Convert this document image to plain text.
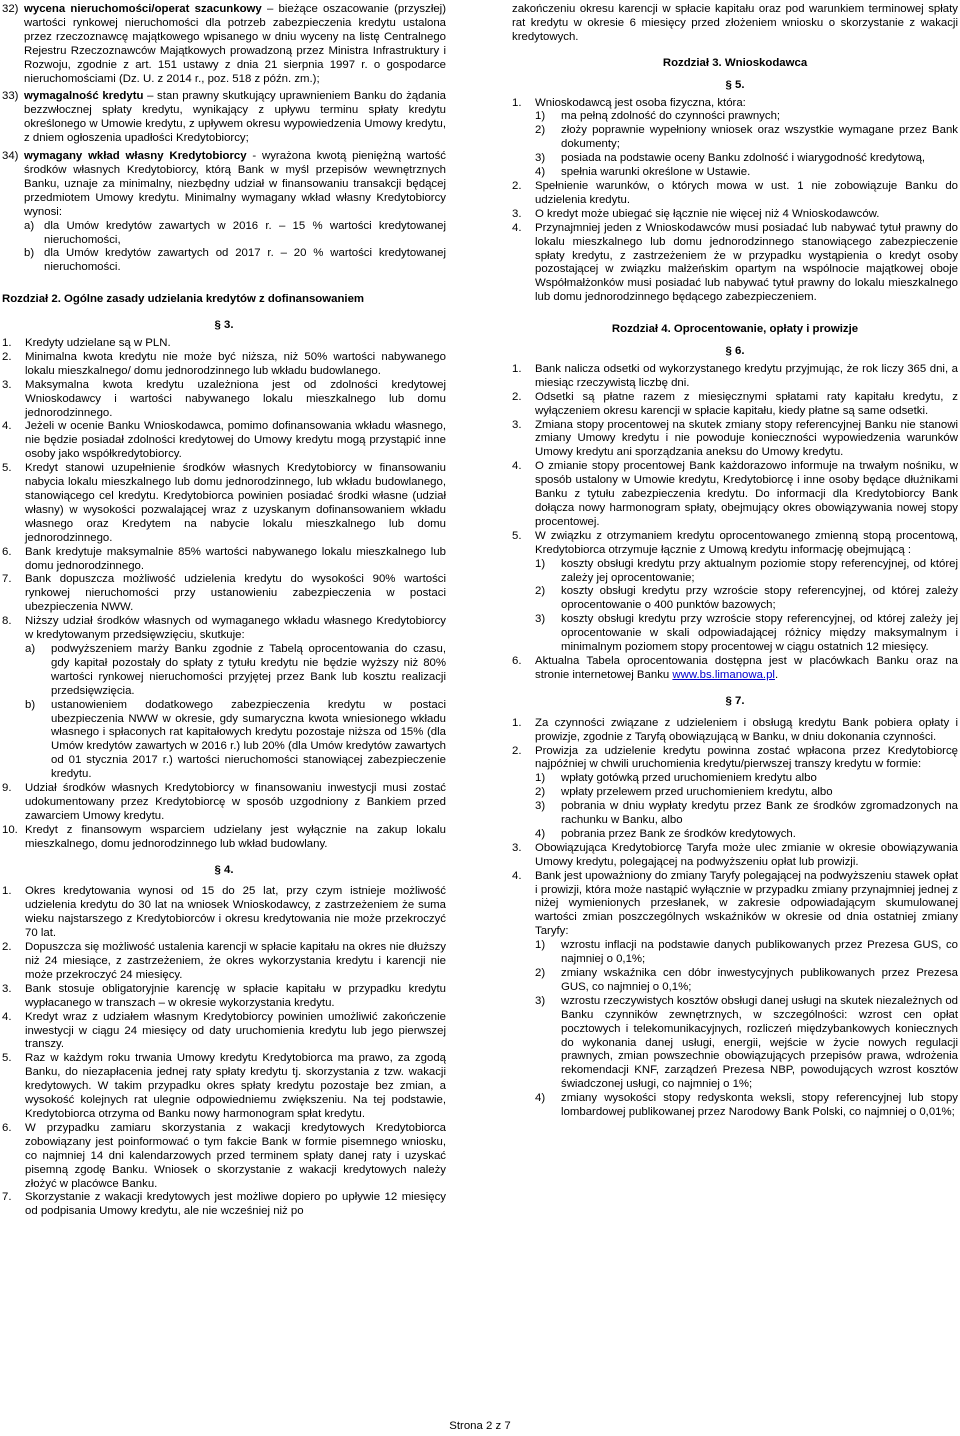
32) wycena nieruchomości/operat szacunkowy – bieżące oszacowanie (przyszłej) wartości rynkowej nieruchomości dla potrzeb zabezpieczenia kredytu ustalona przez rzeczoznawcę majątkowego wpisanego w dniu wyceny na listę Centralnego Rejestru Rzeczoznawców Majątkowych prowadzoną przez Ministra Infrastruktury i Rozwoju, zgodnie z art. 151 ustawy z dnia 21 sierpnia 1997 r. o gospodarce nieruchomościami (Dz. U. z 2014 r., poz. 518 z późn. zm.);
33) wymagalność kredytu – stan prawny skutkujący uprawnieniem Banku do żądania bezzwłocznej spłaty kredytu, wynikający z upływu terminu spłaty kredytu określonego w Umowie kredytu, z upływem okresu wypowiedzenia Umowy kredytu, z dniem ogłoszenia upadłości Kredytobiorcy;
34) wymagany wkład własny Kredytobiorcy - wyrażona kwotą pieniężną wartość środków własnych Kredytobiorcy, którą Bank w myśl przepisów wewnętrznych Banku, uznaje za minimalny, niezbędny udział w finansowaniu transakcji będącej przedmiotem Umowy kredytu. Minimalny wymagany wkład własny Kredytobiorcy wynosi:
a) dla Umów kredytów zawartych w 2016 r. – 15 % wartości kredytowanej nieruchomości,
b) dla Umów kredytów zawartych od 2017 r. – 20 % wartości kredytowanej nieruchomości.

Rozdział 2. Ogólne zasady udzielania kredytów z dofinansowaniem

§ 3.

1. Kredyty udzielane są w PLN.
2. Minimalna kwota kredytu nie może być niższa, niż 50% wartości nabywanego lokalu mieszkalnego/ domu jednorodzinnego lub wkładu budowlanego.
3. Maksymalna kwota kredytu uzależniona jest od zdolności kredytowej Wnioskodawcy i wartości nabywanego lokalu mieszkalnego lub domu jednorodzinnego.
4. Jeżeli w ocenie Banku Wnioskodawca, pomimo dofinansowania wkładu własnego, nie będzie posiadał zdolności kredytowej do Umowy kredytu mogą przystąpić inne osoby jako współkredytobiorcy.
5. Kredyt stanowi uzupełnienie środków własnych Kredytobiorcy w finansowaniu nabycia lokalu mieszkalnego lub domu jednorodzinnego, lub wkładu budowlanego, stanowiącego cel kredytu. Kredytobiorca powinien posiadać środki własne (udział własny) w wysokości pozwalającej wraz z uzyskanym dofinansowaniem wkładu własnego oraz Kredytem na nabycie lokalu mieszkalnego lub domu jednorodzinnego.
6. Bank kredytuje maksymalnie 85% wartości nabywanego lokalu mieszkalnego lub domu jednorodzinnego.
7. Bank dopuszcza możliwość udzielenia kredytu do wysokości 90% wartości rynkowej nieruchomości przy ustanowieniu zabezpieczenia w postaci ubezpieczenia NWW.
8. Niższy udział środków własnych od wymaganego wkładu własnego Kredytobiorcy w kredytowanym przedsięwzięciu, skutkuje:
a) podwyższeniem marży Banku zgodnie z Tabelą oprocentowania do czasu, gdy kapitał pozostały do spłaty z tytułu kredytu nie będzie wyższy niż 80% wartości rynkowej nieruchomości przyjętej przez Bank lub kosztu realizacji przedsięwzięcia.
b) ustanowieniem dodatkowego zabezpieczenia kredytu w postaci ubezpieczenia NWW w okresie, gdy sumaryczna kwota wniesionego wkładu własnego i spłaconych rat kapitałowych kredytu pozostaje niższa od 15% (dla Umów kredytów zawartych w 2016 r.) lub 20% (dla Umów kredytów zawartych od 01 stycznia 2017 r.) wartości nieruchomości stanowiącej zabezpieczenie kredytu.
9. Udział środków własnych Kredytobiorcy w finansowaniu inwestycji musi zostać udokumentowany przez Kredytobiorcę w sposób uzgodniony z Bankiem przed zawarciem Umowy kredytu.
10. Kredyt z finansowym wsparciem udzielany jest wyłącznie na zakup lokalu mieszkalnego, domu jednorodzinnego lub wkład budowlany.

§ 4.

1. Okres kredytowania wynosi od 15 do 25 lat, przy czym istnieje możliwość udzielenia kredytu do 30 lat na wniosek Wnioskodawcy, z zastrzeżeniem że suma wieku najstarszego z Kredytobiorców i okresu kredytowania nie może przekroczyć 70 lat.
2. Dopuszcza się możliwość ustalenia karencji w spłacie kapitału na okres nie dłuższy niż 24 miesiące, z zastrzeżeniem, że okres wykorzystania kredytu i karencji nie może przekroczyć 24 miesięcy.
3. Bank stosuje obligatoryjnie karencję w spłacie kapitału w przypadku kredytu wypłacanego w transzach – w okresie wykorzystania kredytu.
4. Kredyt wraz z udziałem własnym Kredytobiorcy powinien umożliwić zakończenie inwestycji w ciągu 24 miesięcy od daty uruchomienia kredytu lub jego pierwszej transzy.
5. Raz w każdym roku trwania Umowy kredytu Kredytobiorca ma prawo, za zgodą Banku, do niezapłacenia jednej raty spłaty kredytu tj. skorzystania z tzw. wakacji kredytowych. W takim przypadku okres spłaty kredytu pozostaje bez zmian, a wysokość kolejnych rat ulegnie odpowiedniemu zwiększeniu. Na tej podstawie, Kredytobiorca otrzyma od Banku nowy harmonogram spłat kredytu.
6. W przypadku zamiaru skorzystania z wakacji kredytowych Kredytobiorca zobowiązany jest poinformować o tym fakcie Bank w formie pisemnego wniosku, co najmniej 14 dni kalendarzowych przed terminem spłaty danej raty i uzyskać pisemną zgodę Banku. Wniosek o skorzystanie z wakacji kredytowych należy złożyć w placówce Banku.
7. Skorzystanie z wakacji kredytowych jest możliwe dopiero po upływie 12 miesięcy od podpisania Umowy kredytu, ale nie wcześniej niż po

zakończeniu okresu karencji w spłacie kapitału oraz pod warunkiem terminowej spłaty rat kredytu w okresie 6 miesięcy przed złożeniem wniosku o skorzystanie z wakacji kredytowych.

Rozdział 3. Wnioskodawca

§ 5.

1. Wnioskodawcą jest osoba fizyczna, która:
1) ma pełną zdolność do czynności prawnych;
2) złoży poprawnie wypełniony wniosek oraz wszystkie wymagane przez Bank dokumenty;
3) posiada na podstawie oceny Banku zdolność i wiarygodność kredytową,
4) spełnia warunki określone w Ustawie.
2. Spełnienie warunków, o których mowa w ust. 1 nie zobowiązuje Banku do udzielenia kredytu.
3. O kredyt może ubiegać się łącznie nie więcej niż 4 Wnioskodawców.
4. Przynajmniej jeden z Wnioskodawców musi posiadać lub nabywać tytuł prawny do lokalu mieszkalnego lub domu jednorodzinnego stanowiącego zabezpieczenie spłaty kredytu, z zastrzeżeniem że w przypadku wystąpienia o kredyt osoby pozostającej w związku małżeńskim opartym na wspólnocie majątkowej oboje Współmałżonków musi posiadać lub nabywać tytuł prawny do lokalu mieszkalnego lub domu jednorodzinnego będącego zabezpieczeniem.

Rozdział 4. Oprocentowanie, opłaty i prowizje

§ 6.

1. Bank nalicza odsetki od wykorzystanego kredytu przyjmując, że rok liczy 365 dni, a miesiąc rzeczywistą liczbę dni.
2. Odsetki są płatne razem z miesięcznymi spłatami raty kapitału kredytu, z wyłączeniem okresu karencji w spłacie kapitału, kiedy płatne są same odsetki.
3. Zmiana stopy procentowej na skutek zmiany stopy referencyjnej Banku nie stanowi zmiany Umowy kredytu i nie powoduje konieczności wypowiedzenia warunków Umowy kredytu ani sporządzania aneksu do Umowy kredytu.
4. O zmianie stopy procentowej Bank każdorazowo informuje na trwałym nośniku, w sposób ustalony w Umowie kredytu, Kredytobiorcę i inne osoby będące dłużnikami Banku z tytułu zabezpieczenia kredytu. Do informacji dla Kredytobiorcy Bank dołącza nowy harmonogram spłaty, obejmujący okres obowiązywania nowej stopy procentowej.
5. W związku z otrzymaniem kredytu oprocentowanego zmienną stopą procentową, Kredytobiorca otrzymuje łącznie z Umową kredytu informację obejmującą :
1) koszty obsługi kredytu przy aktualnym poziomie stopy referencyjnej, od której zależy jej oprocentowanie;
2) koszty obsługi kredytu przy wzroście stopy referencyjnej, od której zależy oprocentowanie o 400 punktów bazowych;
3) koszty obsługi kredytu przy wzroście stopy referencyjnej, od której zależy jej oprocentowanie w skali odpowiadającej różnicy między maksymalnym i minimalnym poziomem stopy procentowej w ciągu ostatnich 12 miesięcy.
6. Aktualna Tabela oprocentowania dostępna jest w placówkach Banku oraz na stronie internetowej Banku www.bs.limanowa.pl.

§ 7.

1. Za czynności związane z udzieleniem i obsługą kredytu Bank pobiera opłaty i prowizje, zgodnie z Taryfą obowiązującą w Banku, w dniu dokonania czynności.
2. Prowizja za udzielenie kredytu powinna zostać wpłacona przez Kredytobiorcę najpóźniej w chwili uruchomienia kredytu/pierwszej transzy kredytu w formie:
1) wpłaty gotówką przed uruchomieniem kredytu albo
2) wpłaty przelewem przed uruchomieniem kredytu, albo
3) pobrania w dniu wypłaty kredytu przez Bank ze środków zgromadzonych na rachunku w Banku, albo
4) pobrania przez Bank ze środków kredytowych.
3. Obowiązująca Kredytobiorcę Taryfa może ulec zmianie w okresie obowiązywania Umowy kredytu, polegającej na podwyższeniu opłat lub prowizji.
4. Bank jest upoważniony do zmiany Taryfy polegającej na podwyższeniu stawek opłat i prowizji, która może nastąpić wyłącznie w przypadku zmiany przynajmniej jednej z niżej wymienionych przesłanek, w zakresie odpowiadającym skumulowanej wartości zmian poszczególnych wskaźników w okresie od dnia ostatniej zmiany Taryfy:
1) wzrostu inflacji na podstawie danych publikowanych przez Prezesa GUS, co najmniej o 0,1%;
2) zmiany wskaźnika cen dóbr inwestycyjnych publikowanych przez Prezesa GUS, co najmniej o 0,1%;
3) wzrostu rzeczywistych kosztów obsługi danej usługi na skutek niezależnych od Banku czynników zewnętrznych, w szczególności: wzrost cen opłat pocztowych i telekomunikacyjnych, rozliczeń międzybankowych koniecznych do wykonania danej usługi, energii, wejście w życie nowych regulacji prawnych, zmian powszechnie obowiązujących przepisów prawa, wdrożenia rekomendacji KNF, zarządzeń Prezesa NBP, powodujących wzrost kosztów świadczonej usługi, co najmniej o 1%;
4) zmiany wysokości stopy redyskonta weksli, stopy referencyjnej lub stopy lombardowej publikowanej przez Narodowy Bank Polski, co najmniej o 0,01%;
Strona 2 z 7
